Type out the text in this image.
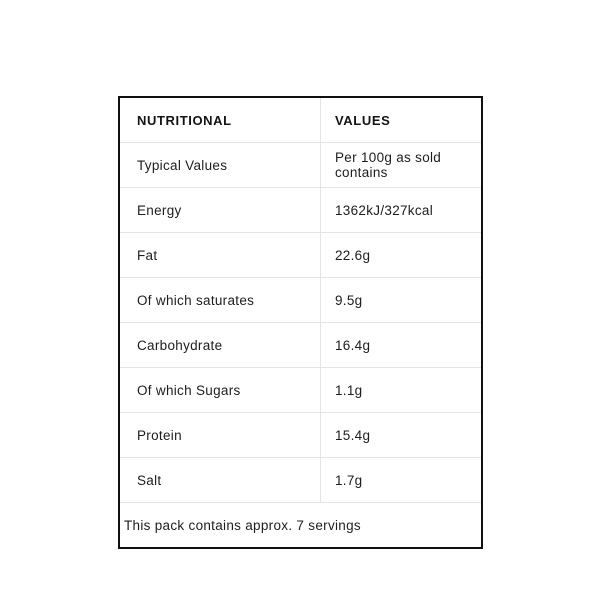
NUTRITIONAL	VALUES
Typical Values	Per 100g as sold contains
Energy	1362kJ/327kcal
Fat	22.6g
Of which saturates	9.5g
Carbohydrate	16.4g
Of which Sugars	1.1g
Protein	15.4g
Salt	1.7g
This pack contains approx. 7 servings
